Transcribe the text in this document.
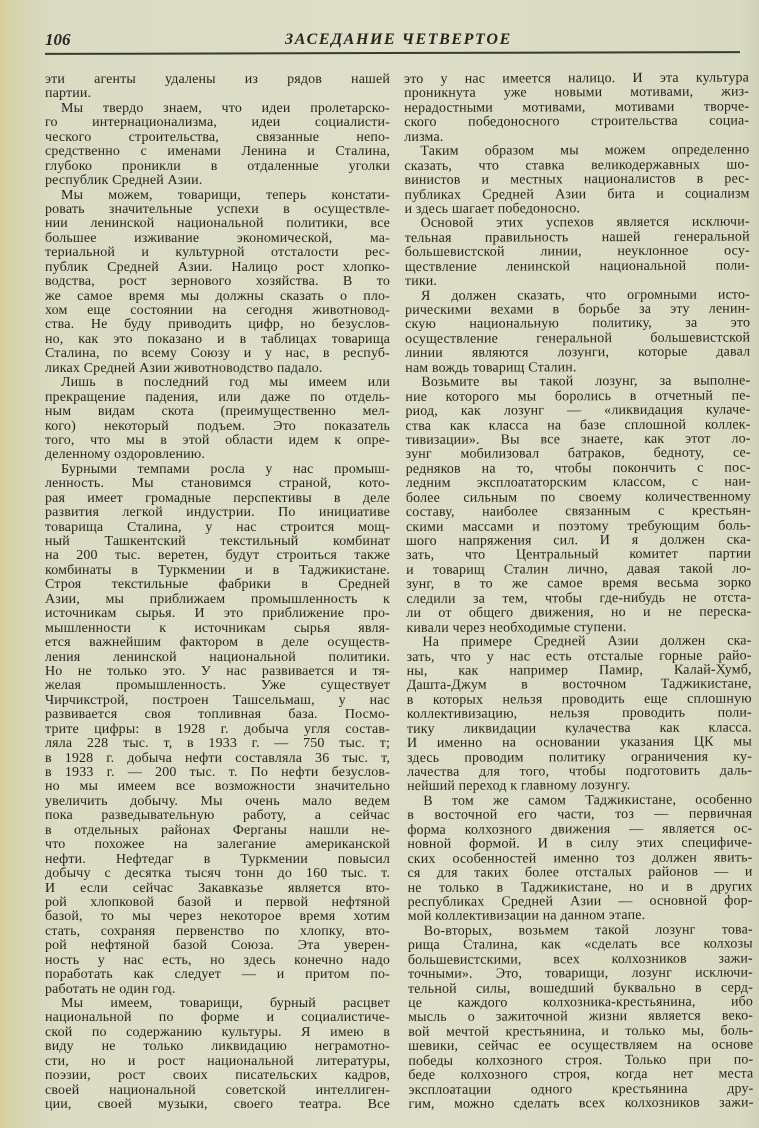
106	ЗАСЕДАНИЕ ЧЕТВЕРТОЕ
эти агенты удалены из рядов нашей
партии.
Мы твердо знаем, что идеи пролетарско-
го интернационализма, идеи социалисти-
ческого строительства, связанные непо-
средственно с именами Ленина и Сталина,
глубоко проникли в отдаленные уголки
республик Средней Азии.
Мы можем, товарищи, теперь констати-
ровать значительные успехи в осуществле-
нии ленинской национальной политики, все
большее изживание экономической, ма-
териальной и культурной отсталости рес-
публик Средней Азии. Налицо рост хлопко-
водства, рост зернового хозяйства. В то
же самое время мы должны сказать о пло-
хом еще состоянии на сегодня животновод-
ства. Не буду приводить цифр, но безуслов-
но, как это показано и в таблицах товарища
Сталина, по всему Союзу и у нас, в респуб-
ликах Средней Азии животноводство падало.
Лишь в последний год мы имеем или
прекращение падения, или даже по отдель-
ным видам скота (преимущественно мел-
кого) некоторый подъем. Это показатель
того, что мы в этой области идем к опре-
деленному оздоровлению.
Бурными темпами росла у нас промыш-
ленность. Мы становимся страной, кото-
рая имеет громадные перспективы в деле
развития легкой индустрии. По инициативе
товарища Сталина, у нас строится мощ-
ный Ташкентский текстильный комбинат
на 200 тыс. веретен, будут строиться также
комбинаты в Туркмении и в Таджикистане.
Строя текстильные фабрики в Средней
Азии, мы приближаем промышленность к
источникам сырья. И это приближение про-
мышленности к источникам сырья явля-
ется важнейшим фактором в деле осуществ-
ления ленинской национальной политики.
Но не только это. У нас развивается и тя-
желая промышленность. Уже существует
Чирчикстрой, построен Ташсельмаш, у нас
развивается своя топливная база. Посмо-
трите цифры: в 1928 г. добыча угля состав-
ляла 228 тыс. т, в 1933 г. — 750 тыс. т;
в 1928 г. добыча нефти составляла 36 тыс. т,
в 1933 г. — 200 тыс. т. По нефти безуслов-
но мы имеем все возможности значительно
увеличить добычу. Мы очень мало ведем
пока разведывательную работу, а сейчас
в отдельных районах Ферганы нашли не-
что похожее на залегание американской
нефти. Нефтедаг в Туркмении повысил
добычу с десятка тысяч тонн до 160 тыс. т.
И если сейчас Закавказье является вто-
рой хлопковой базой и первой нефтяной
базой, то мы через некоторое время хотим
стать, сохраняя первенство по хлопку, вто-
рой нефтяной базой Союза. Эта уверен-
ность у нас есть, но здесь конечно надо
поработать как следует — и притом по-
работать не один год.
Мы имеем, товарищи, бурный расцвет
национальной по форме и социалистиче-
ской по содержанию культуры. Я имею в
виду не только ликвидацию неграмотно-
сти, но и рост национальной литературы,
поэзии, рост своих писательских кадров,
своей национальной советской интеллиген-
ции, своей музыки, своего театра. Все
это у нас имеется налицо. И эта культура
проникнута уже новыми мотивами, жиз-
нерадостными мотивами, мотивами творче-
ского победоносного строительства социа-
лизма.
Таким образом мы можем определенно
сказать, что ставка великодержавных шо-
винистов и местных националистов в рес-
публиках Средней Азии бита и социализм
и здесь шагает победоносно.
Основой этих успехов является исключи-
тельная правильность нашей генеральной
большевистской линии, неуклонное осу-
ществление ленинской национальной поли-
тики.
Я должен сказать, что огромными исто-
рическими вехами в борьбе за эту ленин-
скую национальную политику, за это
осуществление генеральной большевистской
линии являются лозунги, которые давал
нам вождь товарищ Сталин.
Возьмите вы такой лозунг, за выполне-
ние которого мы боролись в отчетный пе-
риод, как лозунг — «ликвидация кулаче-
ства как класса на базе сплошной коллек-
тивизации». Вы все знаете, как этот ло-
зунг мобилизовал батраков, бедноту, се-
редняков на то, чтобы покончить с пос-
ледним эксплоататорским классом, с наи-
более сильным по своему количественному
составу, наиболее связанным с крестьян-
скими массами и поэтому требующим боль-
шого напряжения сил. И я должен ска-
зать, что Центральный комитет партии
и товарищ Сталин лично, давая такой ло-
зунг, в то же самое время весьма зорко
следили за тем, чтобы где-нибудь не отста-
ли от общего движения, но и не переска-
кивали через необходимые ступени.
На примере Средней Азии должен ска-
зать, что у нас есть отсталые горные райо-
ны, как например Памир, Калай-Хумб,
Дашта-Джум в восточном Таджикистане,
в которых нельзя проводить еще сплошную
коллективизацию, нельзя проводить поли-
тику ликвидации кулачества как класса.
И именно на основании указания ЦК мы
здесь проводим политику ограничения ку-
лачества для того, чтобы подготовить даль-
нейший переход к главному лозунгу.
В том же самом Таджикистане, особенно
в восточной его части, тоз — первичная
форма колхозного движения — является ос-
новной формой. И в силу этих специфиче-
ских особенностей именно тоз должен явить-
ся для таких более отсталых районов — и
не только в Таджикистане, но и в других
республиках Средней Азии — основной фор-
мой коллективизации на данном этапе.
Во-вторых, возьмем такой лозунг това-
рища Сталина, как «сделать все колхозы
большевистскими, всех колхозников зажи-
точными». Это, товарищи, лозунг исключи-
тельной силы, вошедший буквально в серд-
це каждого колхозника-крестьянина, ибо
мысль о зажиточной жизни является веко-
вой мечтой крестьянина, и только мы, боль-
шевики, сейчас ее осуществляем на основе
победы колхозного строя. Только при по-
беде колхозного строя, когда нет места
эксплоатации одного крестьянина дру-
гим, можно сделать всех колхозников зажи-
